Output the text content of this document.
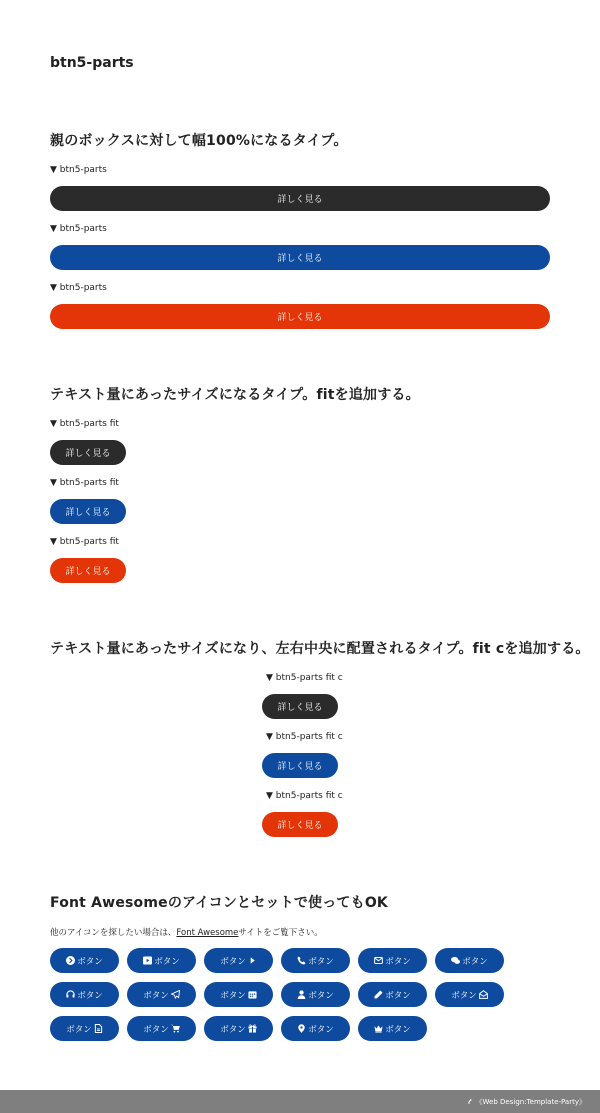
btn5-parts
親のボックスに対して幅100%になるタイプ。
▼ btn5-parts
詳しく見る
▼ btn5-parts
詳しく見る
▼ btn5-parts
詳しく見る
テキスト量にあったサイズになるタイプ。fitを追加する。
▼ btn5-parts fit
詳しく見る
▼ btn5-parts fit
詳しく見る
▼ btn5-parts fit
詳しく見る
テキスト量にあったサイズになり、左右中央に配置されるタイプ。fit cを追加する。
▼ btn5-parts fit c
詳しく見る
▼ btn5-parts fit c
詳しく見る
▼ btn5-parts fit c
詳しく見る
Font Awesomeのアイコンとセットで使ってもOK
他のアイコンを探したい場合は、Font Awesomeサイトをご覧下さい。
ボタン	ボタン	ボタン	ボタン	ボタン	ボタン
ボタン	ボタン	ボタン	ボタン	ボタン	ボタン
ボタン	ボタン	ボタン	ボタン	ボタン
𝓉 《Web Design:Template-Party》
